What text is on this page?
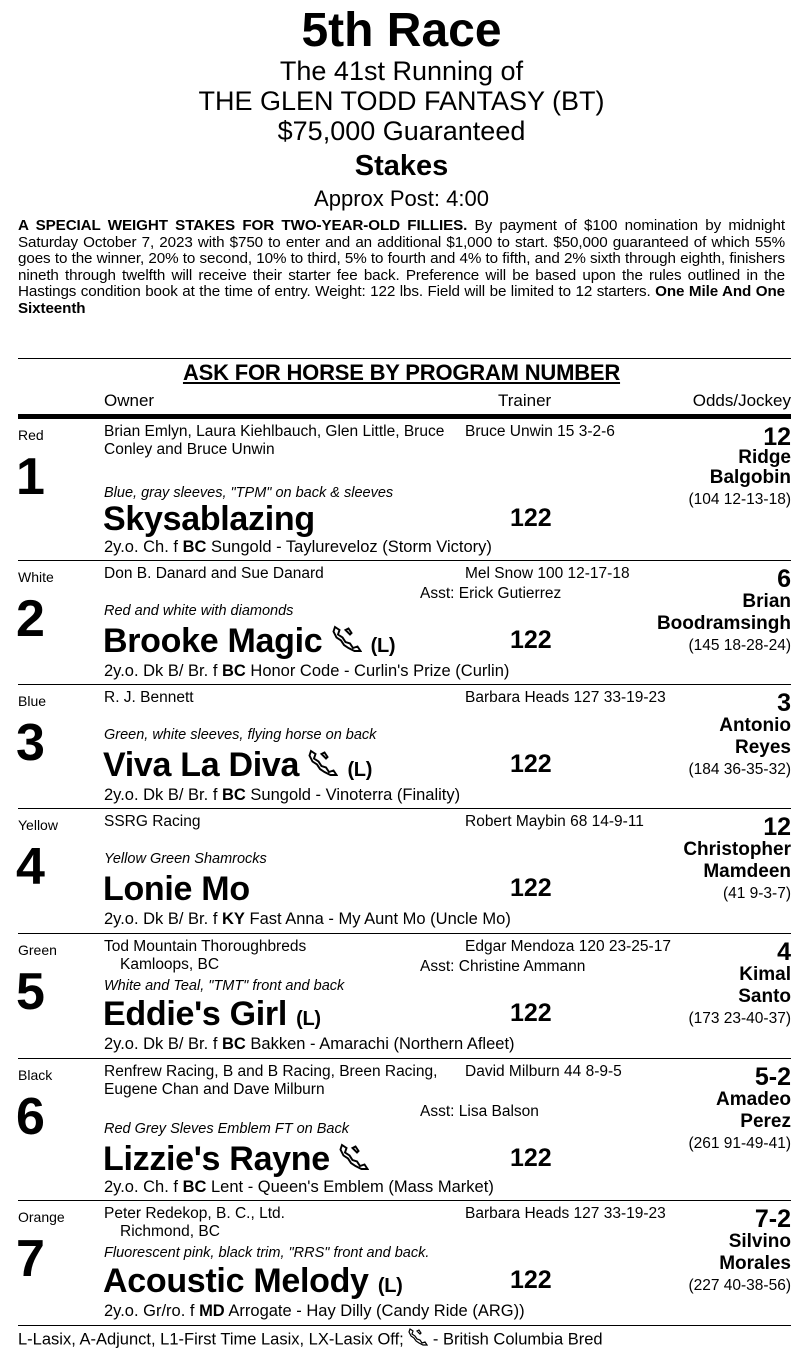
5th Race
The 41st Running of
THE GLEN TODD FANTASY (BT)
$75,000 Guaranteed
Stakes
Approx Post: 4:00
A SPECIAL WEIGHT STAKES FOR TWO-YEAR-OLD FILLIES. By payment of $100 nomination by midnight Saturday October 7, 2023 with $750 to enter and an additional $1,000 to start. $50,000 guaranteed of which 55% goes to the winner, 20% to second, 10% to third, 5% to fourth and 4% to fifth, and 2% sixth through eighth, finishers nineth through twelfth will receive their starter fee back. Preference will be based upon the rules outlined in the Hastings condition book at the time of entry. Weight: 122 lbs. Field will be limited to 12 starters. One Mile And One Sixteenth
ASK FOR HORSE BY PROGRAM NUMBER
Owner	Trainer	Odds/Jockey
Red
1
Brian Emlyn, Laura Kiehlbauch, Glen Little, Bruce
Conley and Bruce Unwin
Bruce Unwin 15 3-2-6
Blue, gray sleeves, "TPM" on back & sleeves
Skysablazing	122
12
Ridge
Balgobin
(104 12-13-18)
2y.o. Ch. f BC Sungold - Taylureveloz (Storm Victory)
White
2
Don B. Danard and Sue Danard	Mel Snow 100 12-17-18
Asst: Erick Gutierrez
Red and white with diamonds
Brooke Magic (L)	122
6
Brian
Boodramsingh
(145 18-28-24)
2y.o. Dk B/ Br. f BC Honor Code - Curlin's Prize (Curlin)
Blue
3
R. J. Bennett	Barbara Heads 127 33-19-23
Green, white sleeves, flying horse on back
Viva La Diva (L)	122
3
Antonio
Reyes
(184 36-35-32)
2y.o. Dk B/ Br. f BC Sungold - Vinoterra (Finality)
Yellow
4
SSRG Racing	Robert Maybin 68 14-9-11
Yellow Green Shamrocks
Lonie Mo	122
12
Christopher
Mamdeen
(41 9-3-7)
2y.o. Dk B/ Br. f KY Fast Anna - My Aunt Mo (Uncle Mo)
Green
5
Tod Mountain Thoroughbreds
Kamloops, BC
Edgar Mendoza 120 23-25-17
Asst: Christine Ammann
White and Teal, "TMT" front and back
Eddie's Girl (L)	122
4
Kimal
Santo
(173 23-40-37)
2y.o. Dk B/ Br. f BC Bakken - Amarachi (Northern Afleet)
Black
6
Renfrew Racing, B and B Racing, Breen Racing,
Eugene Chan and Dave Milburn
David Milburn 44 8-9-5
Asst: Lisa Balson
Red Grey Sleves Emblem FT on Back
Lizzie's Rayne	122
5-2
Amadeo
Perez
(261 91-49-41)
2y.o. Ch. f BC Lent - Queen's Emblem (Mass Market)
Orange
7
Peter Redekop, B. C., Ltd.
Richmond, BC
Barbara Heads 127 33-19-23
Fluorescent pink, black trim, "RRS" front and back.
Acoustic Melody (L)	122
7-2
Silvino
Morales
(227 40-38-56)
2y.o. Gr/ro. f MD Arrogate - Hay Dilly (Candy Ride (ARG))
L-Lasix, A-Adjunct, L1-First Time Lasix, LX-Lasix Off;  - British Columbia Bred
